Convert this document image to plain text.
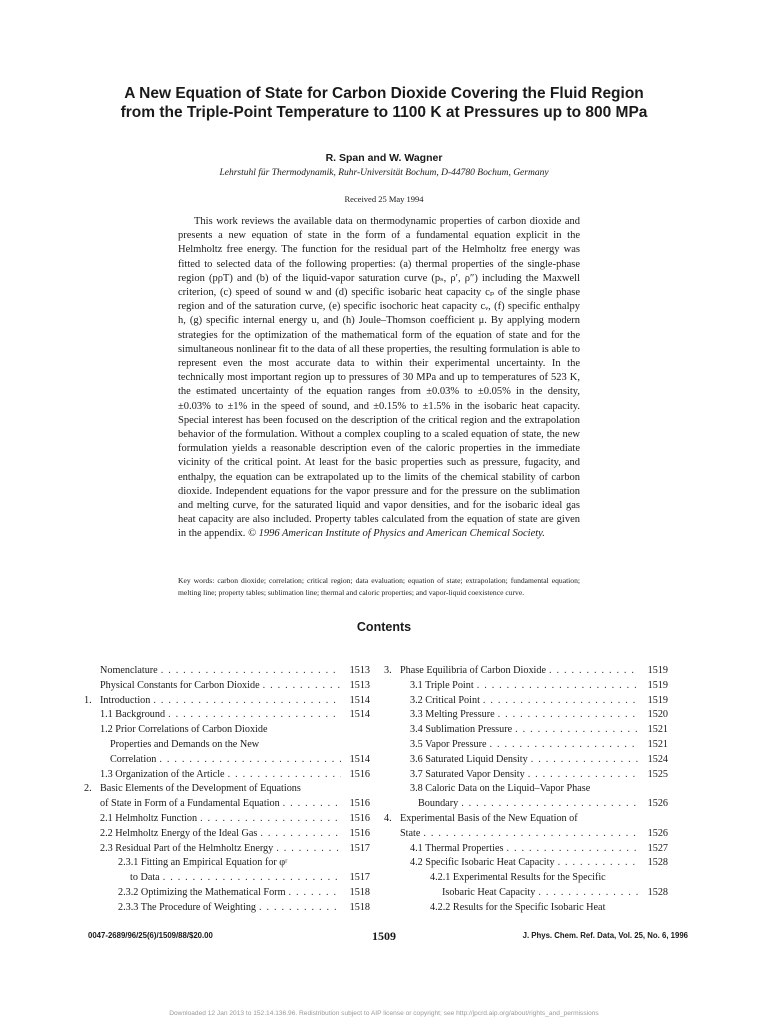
A New Equation of State for Carbon Dioxide Covering the Fluid Region
from the Triple-Point Temperature to 1100 K at Pressures up to 800 MPa
R. Span and W. Wagner
Lehrstuhl für Thermodynamik, Ruhr-Universität Bochum, D-44780 Bochum, Germany
Received 25 May 1994

This work reviews the available data on thermodynamic properties of carbon dioxide and presents a new equation of state in the form of a fundamental equation explicit in the Helmholtz free energy. The function for the residual part of the Helmholtz free energy was fitted to selected data of the following properties: (a) thermal properties of the single-phase region (pρT) and (b) of the liquid-vapor saturation curve (pₛ, ρ′, ρ″) including the Maxwell criterion, (c) speed of sound w and (d) specific isobaric heat capacity cₚ of the single phase region and of the saturation curve, (e) specific isochoric heat capacity cᵥ, (f) specific enthalpy h, (g) specific internal energy u, and (h) Joule–Thomson coefficient μ. By applying modern strategies for the optimization of the mathematical form of the equation of state and for the simultaneous nonlinear fit to the data of all these properties, the resulting formulation is able to represent even the most accurate data to within their experimental uncertainty. In the technically most important region up to pressures of 30 MPa and up to temperatures of 523 K, the estimated uncertainty of the equation ranges from ±0.03% to ±0.05% in the density, ±0.03% to ±1% in the speed of sound, and ±0.15% to ±1.5% in the isobaric heat capacity. Special interest has been focused on the description of the critical region and the extrapolation behavior of the formulation. Without a complex coupling to a scaled equation of state, the new formulation yields a reasonable description even of the caloric properties in the immediate vicinity of the critical point. At least for the basic properties such as pressure, fugacity, and enthalpy, the equation can be extrapolated up to the limits of the chemical stability of carbon dioxide. Independent equations for the vapor pressure and for the pressure on the sublimation and melting curve, for the saturated liquid and vapor densities, and for the isobaric ideal gas heat capacity are also included. Property tables calculated from the equation of state are given in the appendix. © 1996 American Institute of Physics and American Chemical Society.

Key words: carbon dioxide; correlation; critical region; data evaluation; equation of state; extrapolation; fundamental equation; melting line; property tables; sublimation line; thermal and caloric properties; and vapor-liquid coexistence curve.

Contents
Nomenclature . . .	1513
Physical Constants for Carbon Dioxide . . .	1513
1. Introduction . . .	1514
1.1 Background . . .	1514
1.2 Prior Correlations of Carbon Dioxide
Properties and Demands on the New
Correlation . . .	1514
1.3 Organization of the Article . . .	1516
2. Basic Elements of the Development of Equations
of State in Form of a Fundamental Equation . . .	1516
2.1 Helmholtz Function . . .	1516
2.2 Helmholtz Energy of the Ideal Gas . . .	1516
2.3 Residual Part of the Helmholtz Energy . . .	1517
2.3.1 Fitting an Empirical Equation for φʳ
to Data . . .	1517
2.3.2 Optimizing the Mathematical Form . . .	1518
2.3.3 The Procedure of Weighting . . .	1518
3. Phase Equilibria of Carbon Dioxide . . .	1519
3.1 Triple Point . . .	1519
3.2 Critical Point . . .	1519
3.3 Melting Pressure . . .	1520
3.4 Sublimation Pressure . . .	1521
3.5 Vapor Pressure . . .	1521
3.6 Saturated Liquid Density . . .	1524
3.7 Saturated Vapor Density . . .	1525
3.8 Caloric Data on the Liquid–Vapor Phase
Boundary . . .	1526
4. Experimental Basis of the New Equation of
State . . .	1526
4.1 Thermal Properties . . .	1527
4.2 Specific Isobaric Heat Capacity . . .	1528
4.2.1 Experimental Results for the Specific
Isobaric Heat Capacity . . .	1528
4.2.2 Results for the Specific Isobaric Heat
0047-2689/96/25(6)/1509/88/$20.00	1509	J. Phys. Chem. Ref. Data, Vol. 25, No. 6, 1996
Downloaded 12 Jan 2013 to 152.14.136.96. Redistribution subject to AIP license or copyright; see http://jpcrd.aip.org/about/rights_and_permissions
